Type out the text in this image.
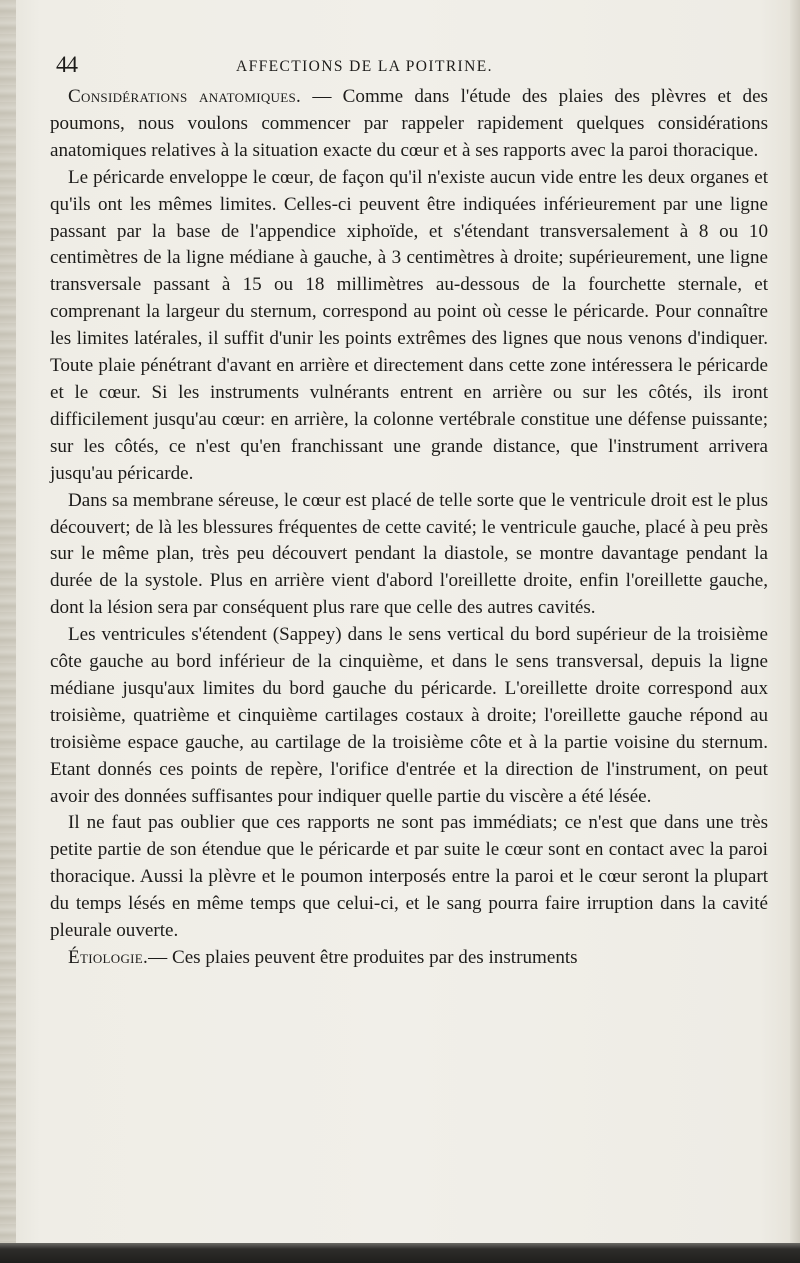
44	AFFECTIONS DE LA POITRINE.

Considérations anatomiques. — Comme dans l'étude des plaies des plèvres et des poumons, nous voulons commencer par rappeler rapidement quelques considérations anatomiques relatives à la situation exacte du cœur et à ses rapports avec la paroi thoracique.

Le péricarde enveloppe le cœur, de façon qu'il n'existe aucun vide entre les deux organes et qu'ils ont les mêmes limites. Celles-ci peuvent être indiquées inférieurement par une ligne passant par la base de l'appendice xiphoïde, et s'étendant transversalement à 8 ou 10 centimètres de la ligne médiane à gauche, à 3 centimètres à droite; supérieurement, une ligne transversale passant à 15 ou 18 millimètres au-dessous de la fourchette sternale, et comprenant la largeur du sternum, correspond au point où cesse le péricarde. Pour connaître les limites latérales, il suffit d'unir les points extrêmes des lignes que nous venons d'indiquer. Toute plaie pénétrant d'avant en arrière et directement dans cette zone intéressera le péricarde et le cœur. Si les instruments vulnérants entrent en arrière ou sur les côtés, ils iront difficilement jusqu'au cœur: en arrière, la colonne vertébrale constitue une défense puissante; sur les côtés, ce n'est qu'en franchissant une grande distance, que l'instrument arrivera jusqu'au péricarde.

Dans sa membrane séreuse, le cœur est placé de telle sorte que le ventricule droit est le plus découvert; de là les blessures fréquentes de cette cavité; le ventricule gauche, placé à peu près sur le même plan, très peu découvert pendant la diastole, se montre davantage pendant la durée de la systole. Plus en arrière vient d'abord l'oreillette droite, enfin l'oreillette gauche, dont la lésion sera par conséquent plus rare que celle des autres cavités.

Les ventricules s'étendent (Sappey) dans le sens vertical du bord supérieur de la troisième côte gauche au bord inférieur de la cinquième, et dans le sens transversal, depuis la ligne médiane jusqu'aux limites du bord gauche du péricarde. L'oreillette droite correspond aux troisième, quatrième et cinquième cartilages costaux à droite; l'oreillette gauche répond au troisième espace gauche, au cartilage de la troisième côte et à la partie voisine du sternum. Etant donnés ces points de repère, l'orifice d'entrée et la direction de l'instrument, on peut avoir des données suffisantes pour indiquer quelle partie du viscère a été lésée.

Il ne faut pas oublier que ces rapports ne sont pas immédiats; ce n'est que dans une très petite partie de son étendue que le péricarde et par suite le cœur sont en contact avec la paroi thoracique. Aussi la plèvre et le poumon interposés entre la paroi et le cœur seront la plupart du temps lésés en même temps que celui-ci, et le sang pourra faire irruption dans la cavité pleurale ouverte.

Étiologie.— Ces plaies peuvent être produites par des instruments
